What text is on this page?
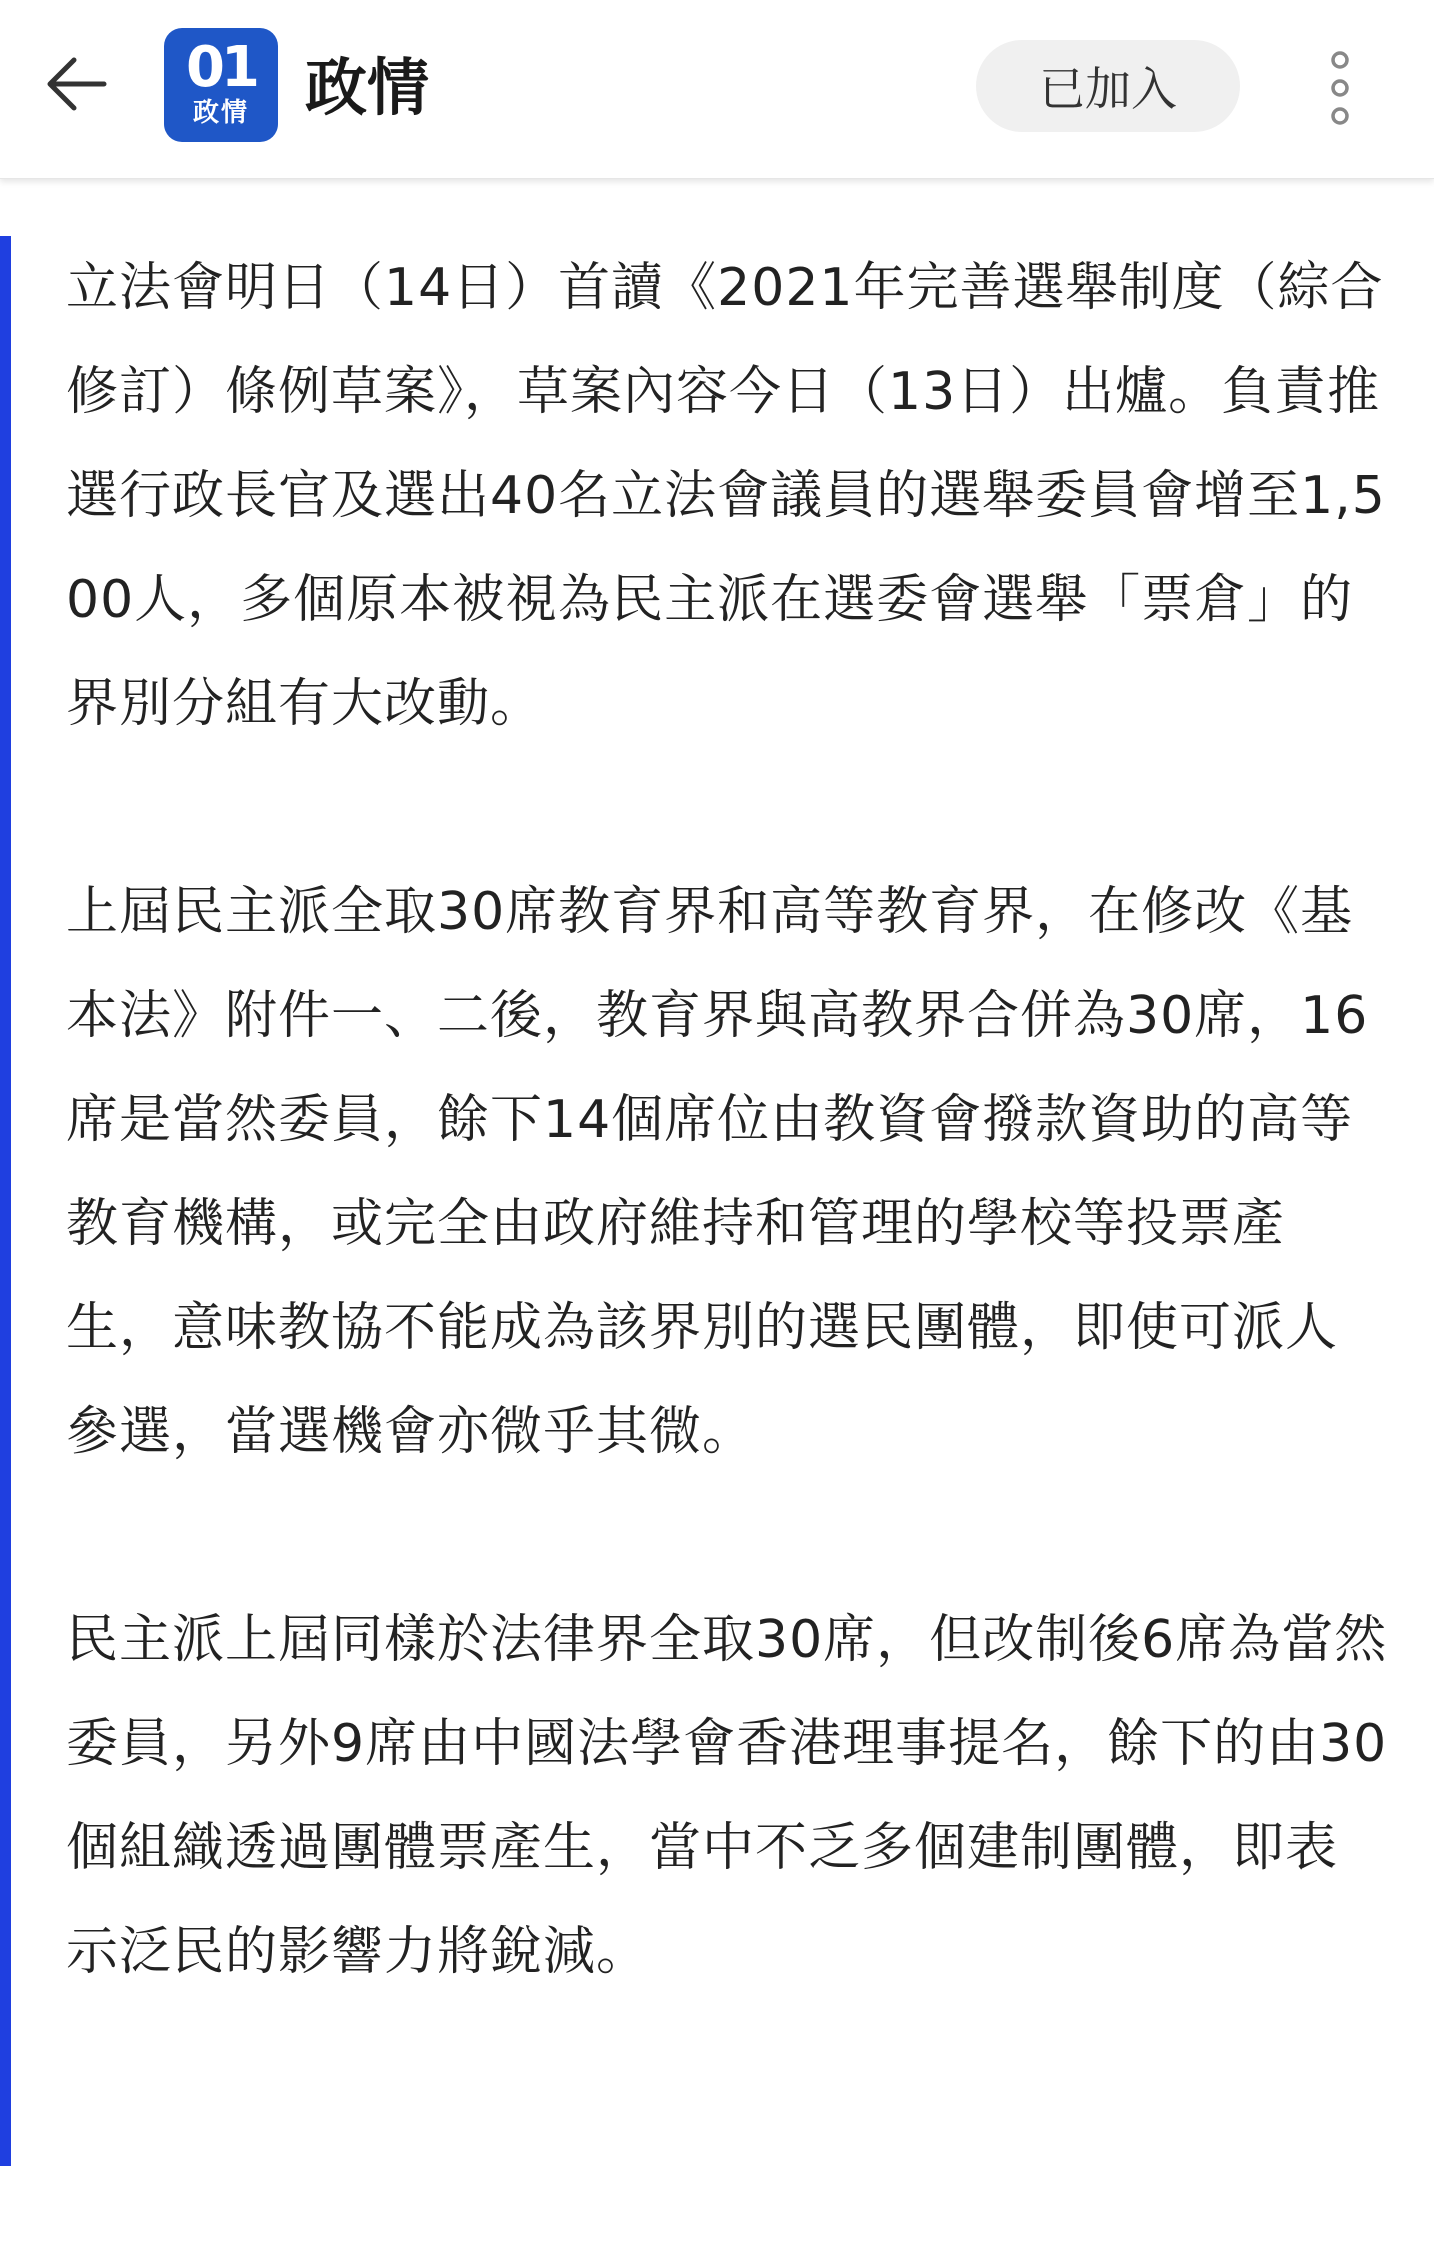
01
政情 政情	已加入

立法會明日（14日）首讀《2021年完善選舉制度（綜合修訂）條例草案》，草案內容今日（13日）出爐。負責推選行政長官及選出40名立法會議員的選舉委員會增至1,500人，多個原本被視為民主派在選委會選舉「票倉」的界別分組有大改動。

上屆民主派全取30席教育界和高等教育界，在修改《基本法》附件一、二後，教育界與高教界合併為30席，16席是當然委員，餘下14個席位由教資會撥款資助的高等教育機構，或完全由政府維持和管理的學校等投票產生，意味教協不能成為該界別的選民團體，即使可派人參選，當選機會亦微乎其微。

民主派上屆同樣於法律界全取30席，但改制後6席為當然委員，另外9席由中國法學會香港理事提名，餘下的由30個組織透過團體票產生，當中不乏多個建制團體，即表示泛民的影響力將銳減。
